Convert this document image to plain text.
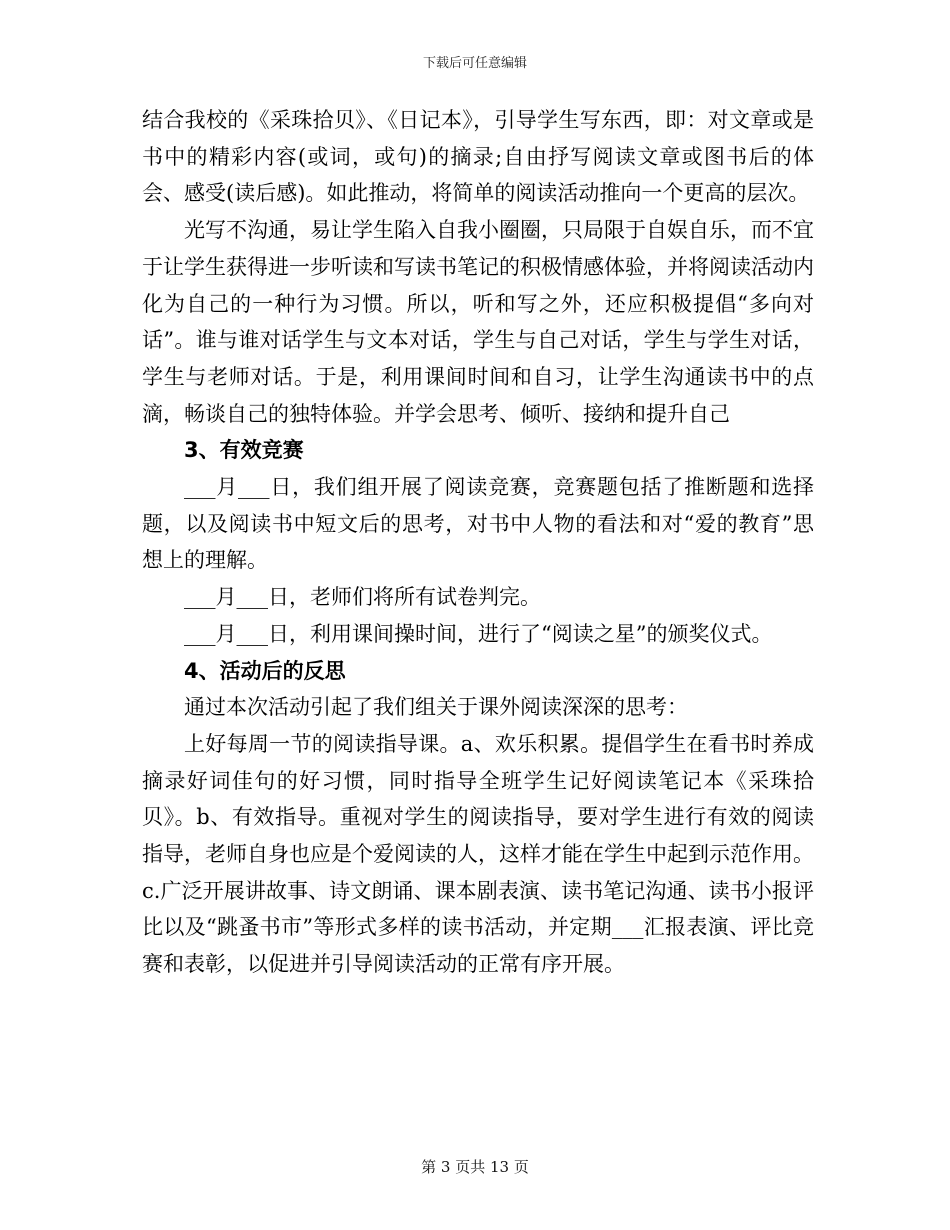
下载后可任意编辑

结合我校的《采珠拾贝》、《日记本》，引导学生写东西，即：对文章或是书中的精彩内容(或词，或句)的摘录;自由抒写阅读文章或图书后的体会、感受(读后感)。如此推动，将简单的阅读活动推向一个更高的层次。

光写不沟通，易让学生陷入自我小圈圈，只局限于自娱自乐，而不宜于让学生获得进一步听读和写读书笔记的积极情感体验，并将阅读活动内化为自己的一种行为习惯。所以，听和写之外，还应积极提倡“多向对话”。谁与谁对话学生与文本对话，学生与自己对话，学生与学生对话，学生与老师对话。于是，利用课间时间和自习，让学生沟通读书中的点滴，畅谈自己的独特体验。并学会思考、倾听、接纳和提升自己

3、有效竞赛

___月___日，我们组开展了阅读竞赛，竞赛题包括了推断题和选择题，以及阅读书中短文后的思考，对书中人物的看法和对“爱的教育”思想上的理解。

___月___日，老师们将所有试卷判完。

___月___日，利用课间操时间，进行了“阅读之星”的颁奖仪式。

4、活动后的反思

通过本次活动引起了我们组关于课外阅读深深的思考：

上好每周一节的阅读指导课。a、欢乐积累。提倡学生在看书时养成摘录好词佳句的好习惯，同时指导全班学生记好阅读笔记本《采珠拾贝》。b、有效指导。重视对学生的阅读指导，要对学生进行有效的阅读指导，老师自身也应是个爱阅读的人，这样才能在学生中起到示范作用。c.广泛开展讲故事、诗文朗诵、课本剧表演、读书笔记沟通、读书小报评比以及“跳蚤书市”等形式多样的读书活动，并定期___汇报表演、评比竞赛和表彰，以促进并引导阅读活动的正常有序开展。

第 3 页共 13 页
